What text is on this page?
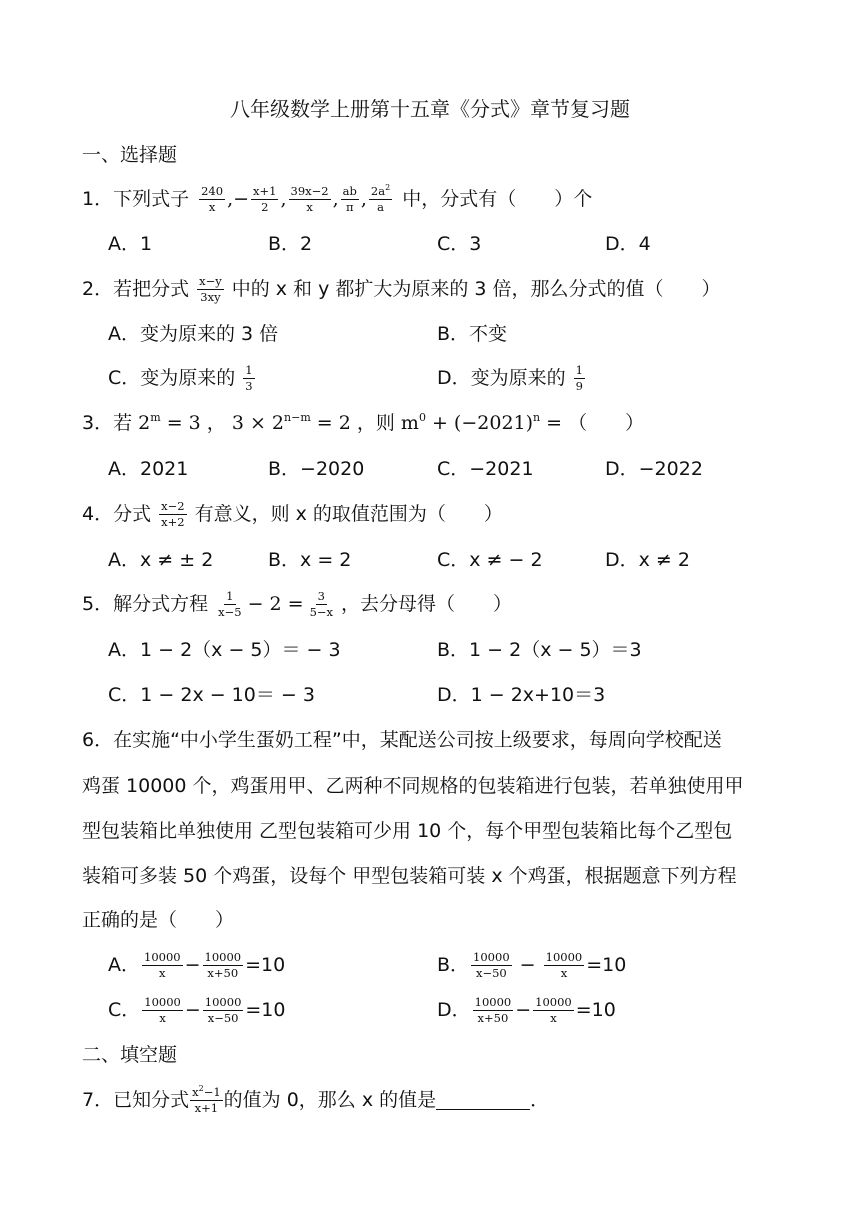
八年级数学上册第十五章《分式》章节复习题
一、选择题
1． 下列式子 $\frac{240}{x}$ ,− $\frac{x+1}{2}$ , $\frac{39x-2}{x}$ , $\frac{ab}{\pi}$ , $\frac{2a^2}{a}$ 中，分式有（　　）个
A．1	B．2	C．3	D．4
2． 若把分式 $\frac{x-y}{3xy}$ 中的 x 和 y 都扩大为原来的 3 倍，那么分式的值（　　）
A．变为原来的 3 倍	B．不变
C．变为原来的 $\frac{1}{3}$	D．变为原来的 $\frac{1}{9}$
3．若 $2^m = 3$ ， $3 \times 2^{n-m} = 2$ ，则 $m^0 + (-2021)^n$ = （　　）
A．2021	B．−2020	C．−2021	D．−2022
4． 分式 $\frac{x-2}{x+2}$ 有意义，则 x 的取值范围为（　　）
A．x ≠ ± 2	B．x = 2	C．x ≠ − 2	D．x ≠ 2
5． 解分式方程 $\frac{1}{x-5} - 2 = \frac{3}{5-x}$ ，去分母得（　　）
A．1 − 2（x − 5）＝ − 3	B．1 − 2（x − 5）＝3
C．1 − 2x − 10＝ − 3	D．1 − 2x+10＝3
6．在实施“中小学生蛋奶工程”中，某配送公司按上级要求，每周向学校配送
鸡蛋 10000 个，鸡蛋用甲、乙两种不同规格的包装箱进行包装，若单独使用甲
型包装箱比单独使用 乙型包装箱可少用 10 个，每个甲型包装箱比每个乙型包
装箱可多装 50 个鸡蛋，设每个 甲型包装箱可装 x 个鸡蛋，根据题意下列方程
正确的是（　　）
A． $\frac{10000}{x} - \frac{10000}{x+50} =10$	B． $\frac{10000}{x-50} - \frac{10000}{x} =10$
C． $\frac{10000}{x} - \frac{10000}{x-50} =10$	D． $\frac{10000}{x+50} - \frac{10000}{x} =10$
二、填空题
7． 已知分式 $\frac{x^2-1}{x+1}$ 的值为 0，那么 x 的值是	．
